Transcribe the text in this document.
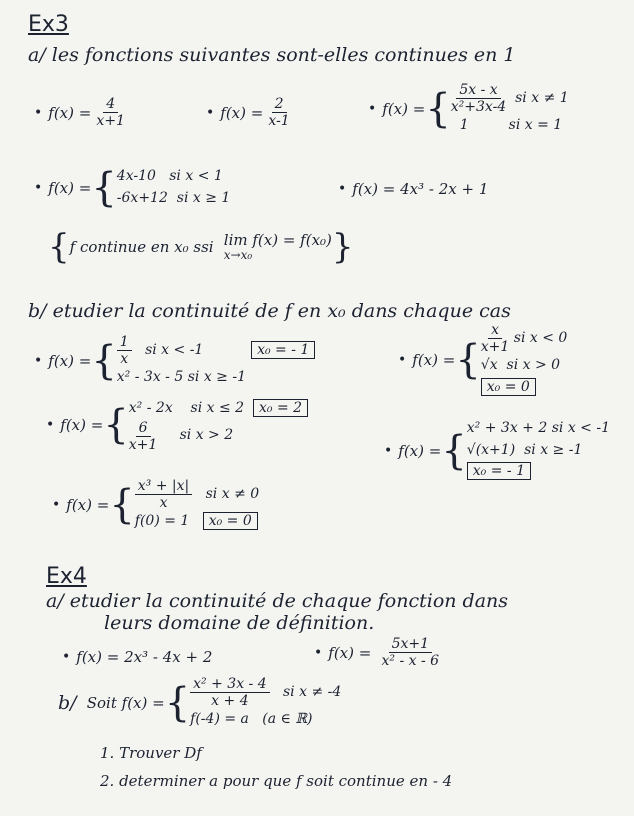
Ex3
a/ les fonctions suivantes sont-elles continues en 1
• f(x) =
$\frac{4}{x+1}$	• f(x) =
$\frac{2}{x-1}$	• f(x) = { $\frac{5x - x}{\text{x²+3x-4}}$
si x ≠ 1

1
	si x = 1
• f(x) = { 4x-10 si x < 1
-6x+12 si x ≥ 1
• f(x) = 4x³ - 2x + 1
{ f continue en x₀ ssi
lim f(x) = f(x₀)
x→x₀	}
b/ etudier la continuité de f en x₀ dans chaque cas
• f(x) = { $\frac{1}{x}$
si x < -1
x² - 3x - 5 si x ≥ -1

x₀ = - 1
• f(x) = { $\frac{x}{x+1}$
si x < 0
√x si x > 0
x₀ = 0
• f(x) = { x² - 2x si x ≤ 2 x₀ = 2
$\frac{6}{x+1}$
si x > 2
• f(x) = { x² + 3x + 2 si x < -1
√(x+1) si x ≥ -1
x₀ = - 1
• f(x) = { $\frac{\text{x³ + |x|}}{x}$
si x ≠ 0
f(0) = 1 x₀ = 0
Ex4
a/ etudier la continuité de chaque fonction dans
leurs domaine de définition.
• f(x) = 2x³ - 4x + 2	• f(x) =
$\frac{5x+1}{\text{x² - x - 6}}$
b/
Soit f(x) = { $\frac{\text{x² + 3x - 4}}{x + 4}$
si x ≠ -4
f(-4) = a (a ∈ ℝ)
1. Trouver Df
2. determiner a pour que f soit continue en - 4
